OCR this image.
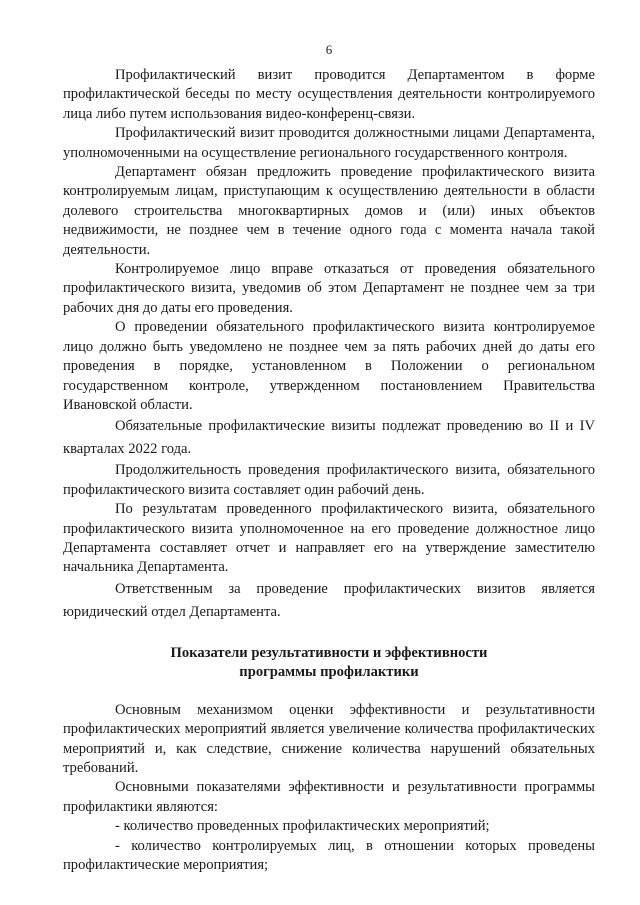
6

Профилактический визит проводится Департаментом в форме профилактической беседы по месту осуществления деятельности контролируемого лица либо путем использования видео-конференц-связи.

Профилактический визит проводится должностными лицами Департамента, уполномоченными на осуществление регионального государственного контроля.

Департамент обязан предложить проведение профилактического визита контролируемым лицам, приступающим к осуществлению деятельности в области долевого строительства многоквартирных домов и (или) иных объектов недвижимости, не позднее чем в течение одного года с момента начала такой деятельности.

Контролируемое лицо вправе отказаться от проведения обязательного профилактического визита, уведомив об этом Департамент не позднее чем за три рабочих дня до даты его проведения.

О проведении обязательного профилактического визита контролируемое лицо должно быть уведомлено не позднее чем за пять рабочих дней до даты его проведения в порядке, установленном в Положении о региональном государственном контроле, утвержденном постановлением Правительства Ивановской области.

Обязательные профилактические визиты подлежат проведению во II и IV кварталах 2022 года.

Продолжительность проведения профилактического визита, обязательного профилактического визита составляет один рабочий день.

По результатам проведенного профилактического визита, обязательного профилактического визита уполномоченное на его проведение должностное лицо Департамента составляет отчет и направляет его на утверждение заместителю начальника Департамента.

Ответственным за проведение профилактических визитов является юридический отдел Департамента.

Показатели результативности и эффективности
программы профилактики

Основным механизмом оценки эффективности и результативности профилактических мероприятий является увеличение количества профилактических мероприятий и, как следствие, снижение количества нарушений обязательных требований.

Основными показателями эффективности и результативности программы профилактики являются:

- количество проведенных профилактических мероприятий;

- количество контролируемых лиц, в отношении которых проведены профилактические мероприятия;
